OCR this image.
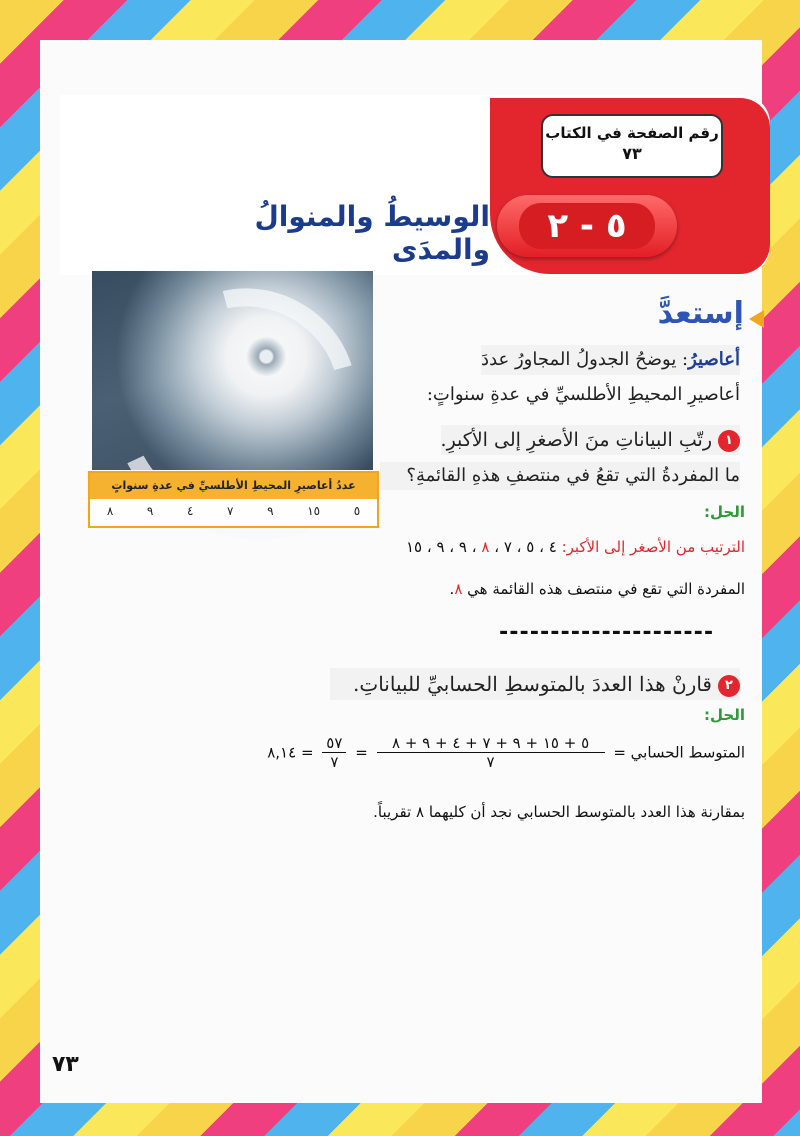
رقم الصفحة في الكتاب
٧٣
٥ - ٢
الوسيطُ والمنوالُ والمدَى
عددُ أعاصيرِ المحيطِ الأطلسيِّ في عدةِ سنواتٍ
٥
١٥
٩
٧
٤
٩
٨
إستعدَّ
أعاصيرُ: يوضحُ الجدولُ المجاورُ عددَ
أعاصيرِ المحيطِ الأطلسيِّ في عدةِ سنواتٍ:
١رتّبِ البياناتِ منَ الأصغرِ إلى الأكبرِ.
ما المفردةُ التي تقعُ في منتصفِ هذهِ القائمةِ؟
الحل:
الترتيب من الأصغر إلى الأكبر: ٤ ، ٥ ، ٧ ، ٨ ، ٩ ، ٩ ، ١٥
المفردة التي تقع في منتصف هذه القائمة هي ٨.
---------------------
٢قارنْ هذا العددَ بالمتوسطِ الحسابيِّ للبياناتِ.
الحل:
المتوسط الحسابي =
$\frac{٥ + ١٥ + ٩ + ٧ + ٤ + ٩ + ٨}{٧}$
=
$\frac{٥٧}{٧}$
= ٨,١٤
بمقارنة هذا العدد بالمتوسط الحسابي نجد أن كليهما ٨ تقريباً.
٧٣
